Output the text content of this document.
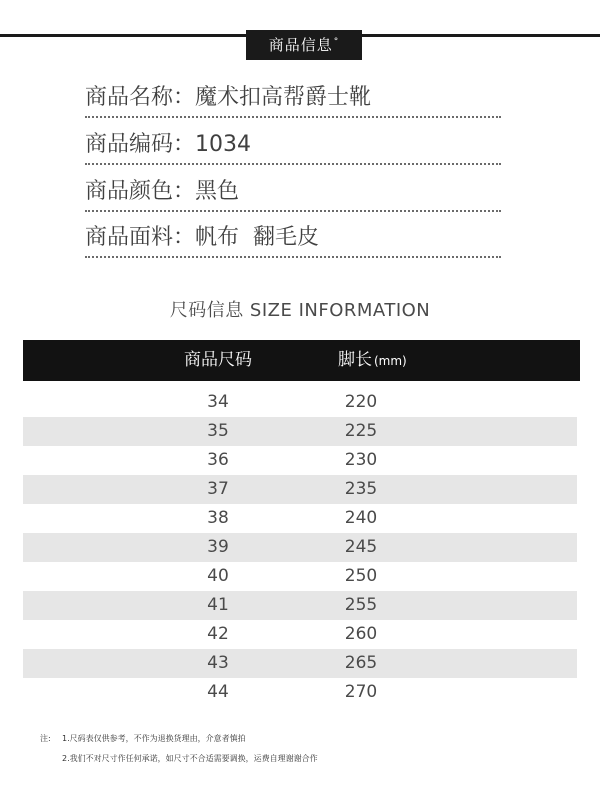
商品信息°
商品名称：魔术扣高帮爵士靴
商品编码：1034
商品颜色：黑色
商品面料：帆布  翻毛皮
尺码信息 SIZE INFORMATION
商品尺码	脚长 (mm)
34	220
35	225
36	230
37	235
38	240
39	245
40	250
41	255
42	260
43	265
44	270
注: 1.尺码表仅供参考，不作为退换货理由，介意者慎拍
2.我们不对尺寸作任何承诺，如尺寸不合适需要调换，运费自理谢谢合作
